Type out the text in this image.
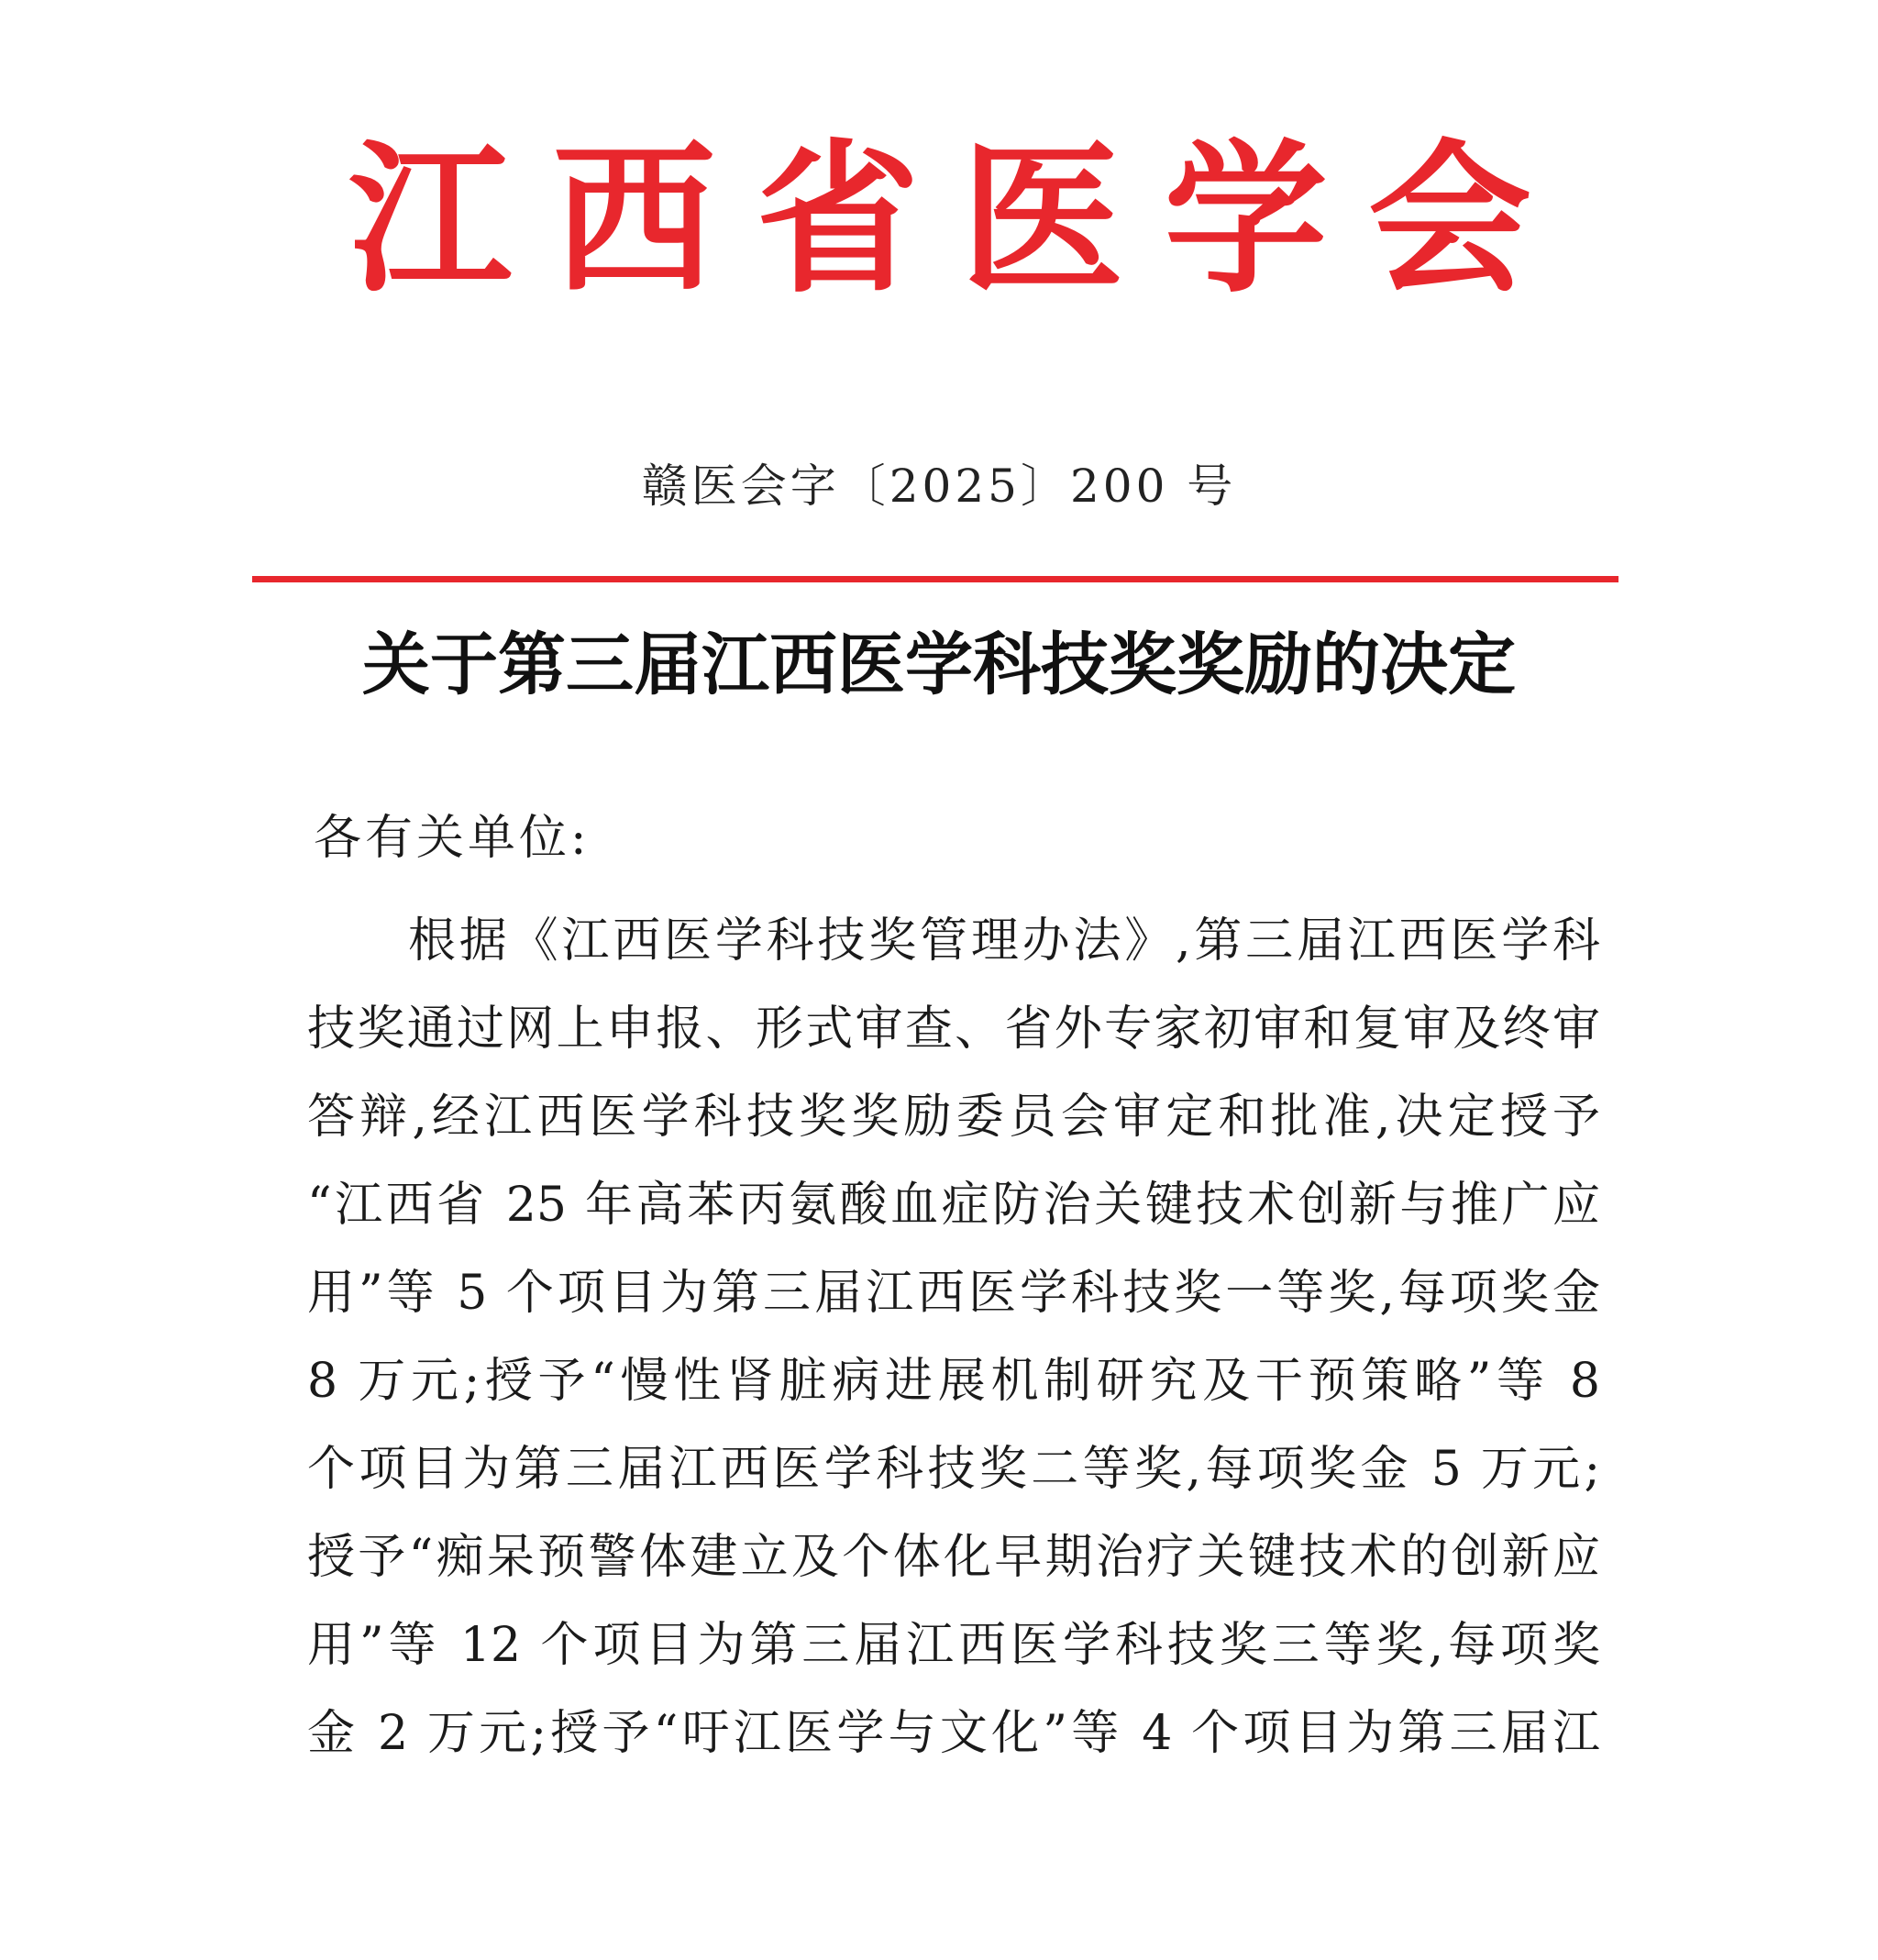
江 西 省 医 学 会
赣医会字〔2025〕200 号
关于第三届江西医学科技奖奖励的决定
各有关单位:
根据《江西医学科技奖管理办法》,第三届江西医学科
技奖通过网上申报、形式审查、省外专家初审和复审及终审
答辩,经江西医学科技奖奖励委员会审定和批准,决定授予
“江西省 25 年高苯丙氨酸血症防治关键技术创新与推广应
用”等 5 个项目为第三届江西医学科技奖一等奖,每项奖金
8 万元;授予“慢性肾脏病进展机制研究及干预策略”等 8
个项目为第三届江西医学科技奖二等奖,每项奖金 5 万元;
授予“痴呆预警体建立及个体化早期治疗关键技术的创新应
用”等 12 个项目为第三届江西医学科技奖三等奖,每项奖
金 2 万元;授予“吁江医学与文化”等 4 个项目为第三届江
